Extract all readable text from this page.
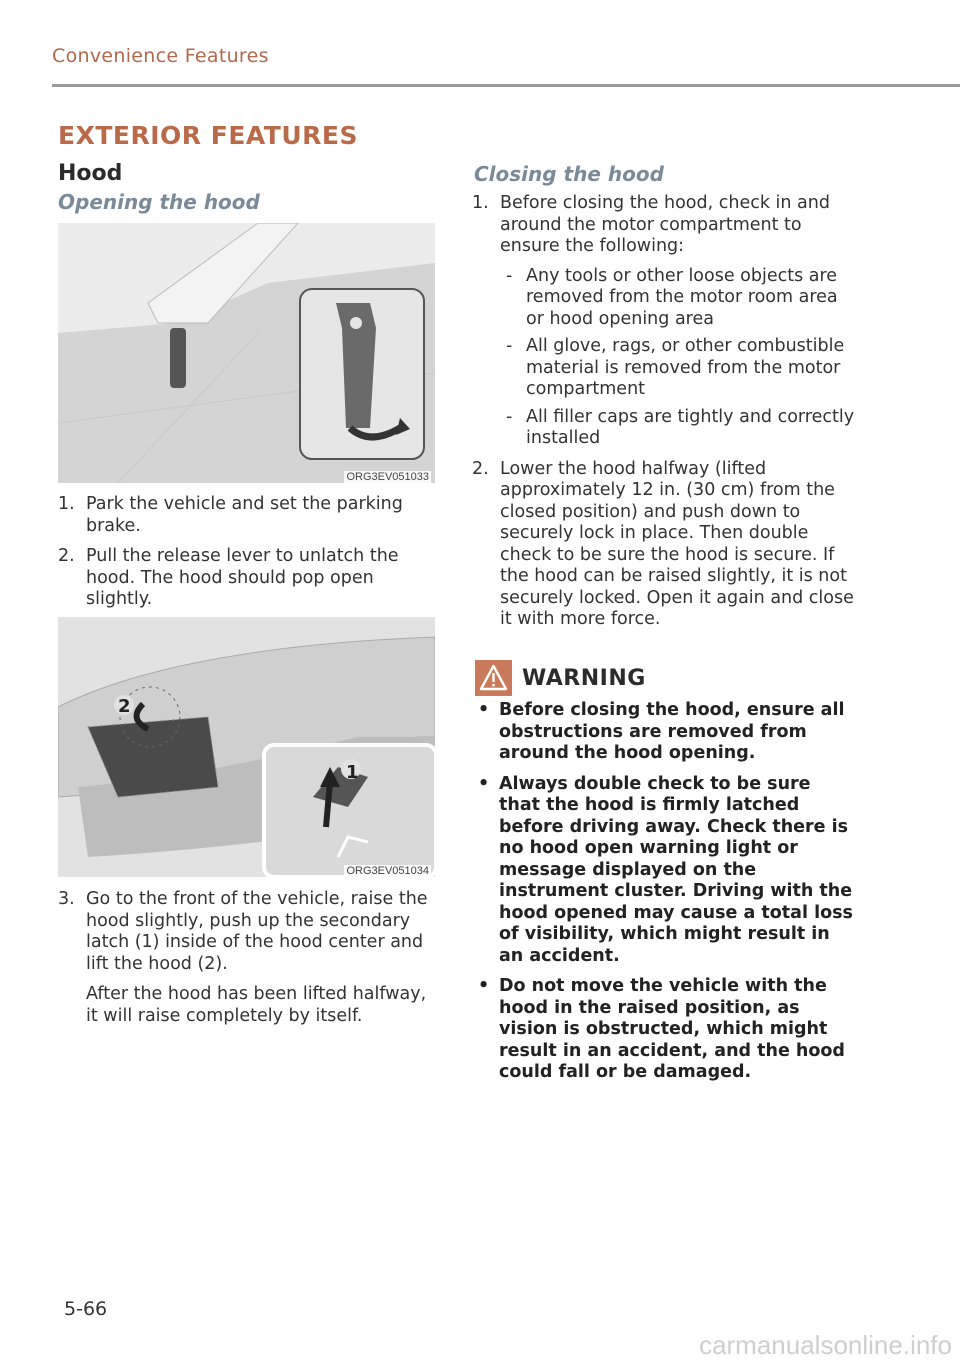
Convenience Features
EXTERIOR FEATURES
Hood
Opening the hood
ORG3EV051033
1. Park the vehicle and set the parking brake.

2. Pull the release lever to unlatch the hood. The hood should pop open slightly.

2
1
ORG3EV051034
3. Go to the front of the vehicle, raise the hood slightly, push up the secondary latch (1) inside of the hood center and lift the hood (2).

After the hood has been lifted halfway, it will raise completely by itself.

Closing the hood
1. Before closing the hood, check in and around the motor compartment to ensure the following:

- Any tools or other loose objects are removed from the motor room area or hood opening area
- All glove, rags, or other combustible material is removed from the motor compartment
- All filler caps are tightly and correctly installed
2. Lower the hood halfway (lifted approximately 12 in. (30 cm) from the closed position) and push down to securely lock in place. Then double check to be sure the hood is secure. If the hood can be raised slightly, it is not securely locked. Open it again and close it with more force.

WARNING
• Before closing the hood, ensure all obstructions are removed from around the hood opening.
• Always double check to be sure that the hood is firmly latched before driving away. Check there is no hood open warning light or message displayed on the instrument cluster. Driving with the hood opened may cause a total loss of visibility, which might result in an accident.
• Do not move the vehicle with the hood in the raised position, as vision is obstructed, which might result in an accident, and the hood could fall or be damaged.
5-66
carmanualsonline.info
